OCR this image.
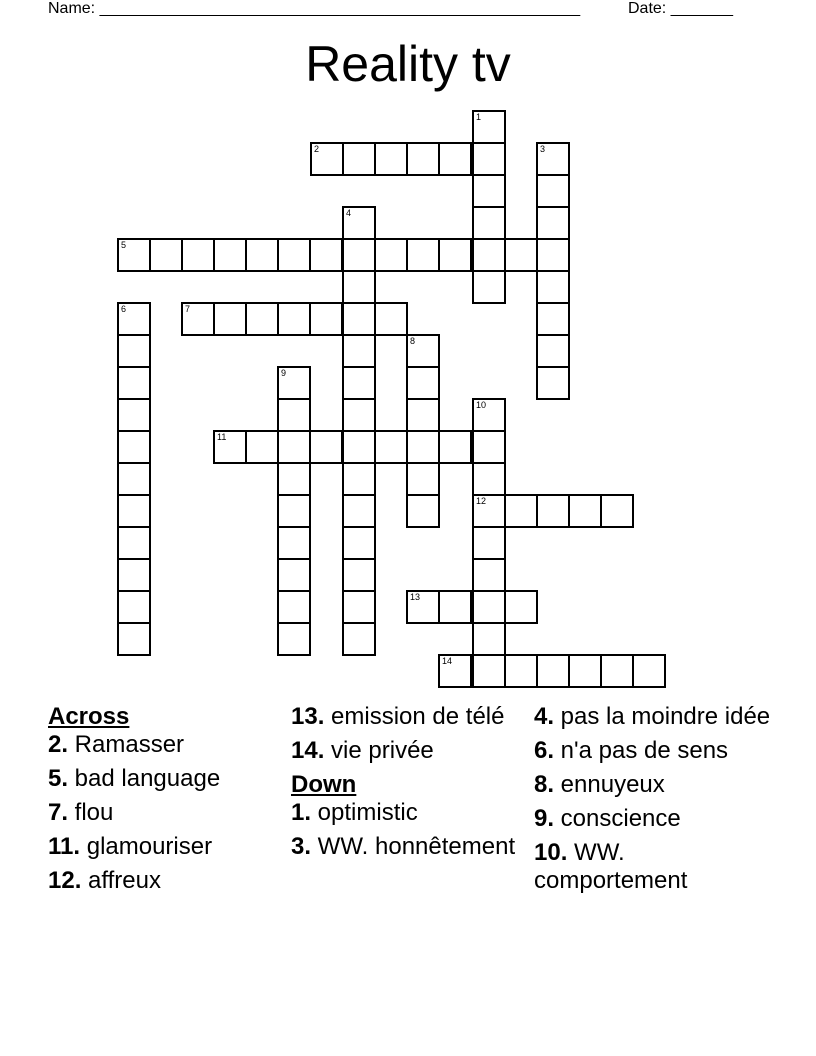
Name: ______________________________________________________	Date: _______
Reality tv
1
2	3
4
5
6	7
8
9
10
12
11
13
14

Across

2. Ramasser

5. bad language

7. flou

11. glamouriser

12. affreux

13. emission de télé

14. vie privée

Down

1. optimistic

3. WW. honnêtement

4. pas la moindre idée

6. n'a pas de sens

8. ennuyeux

9. conscience

10. WW. comportement
